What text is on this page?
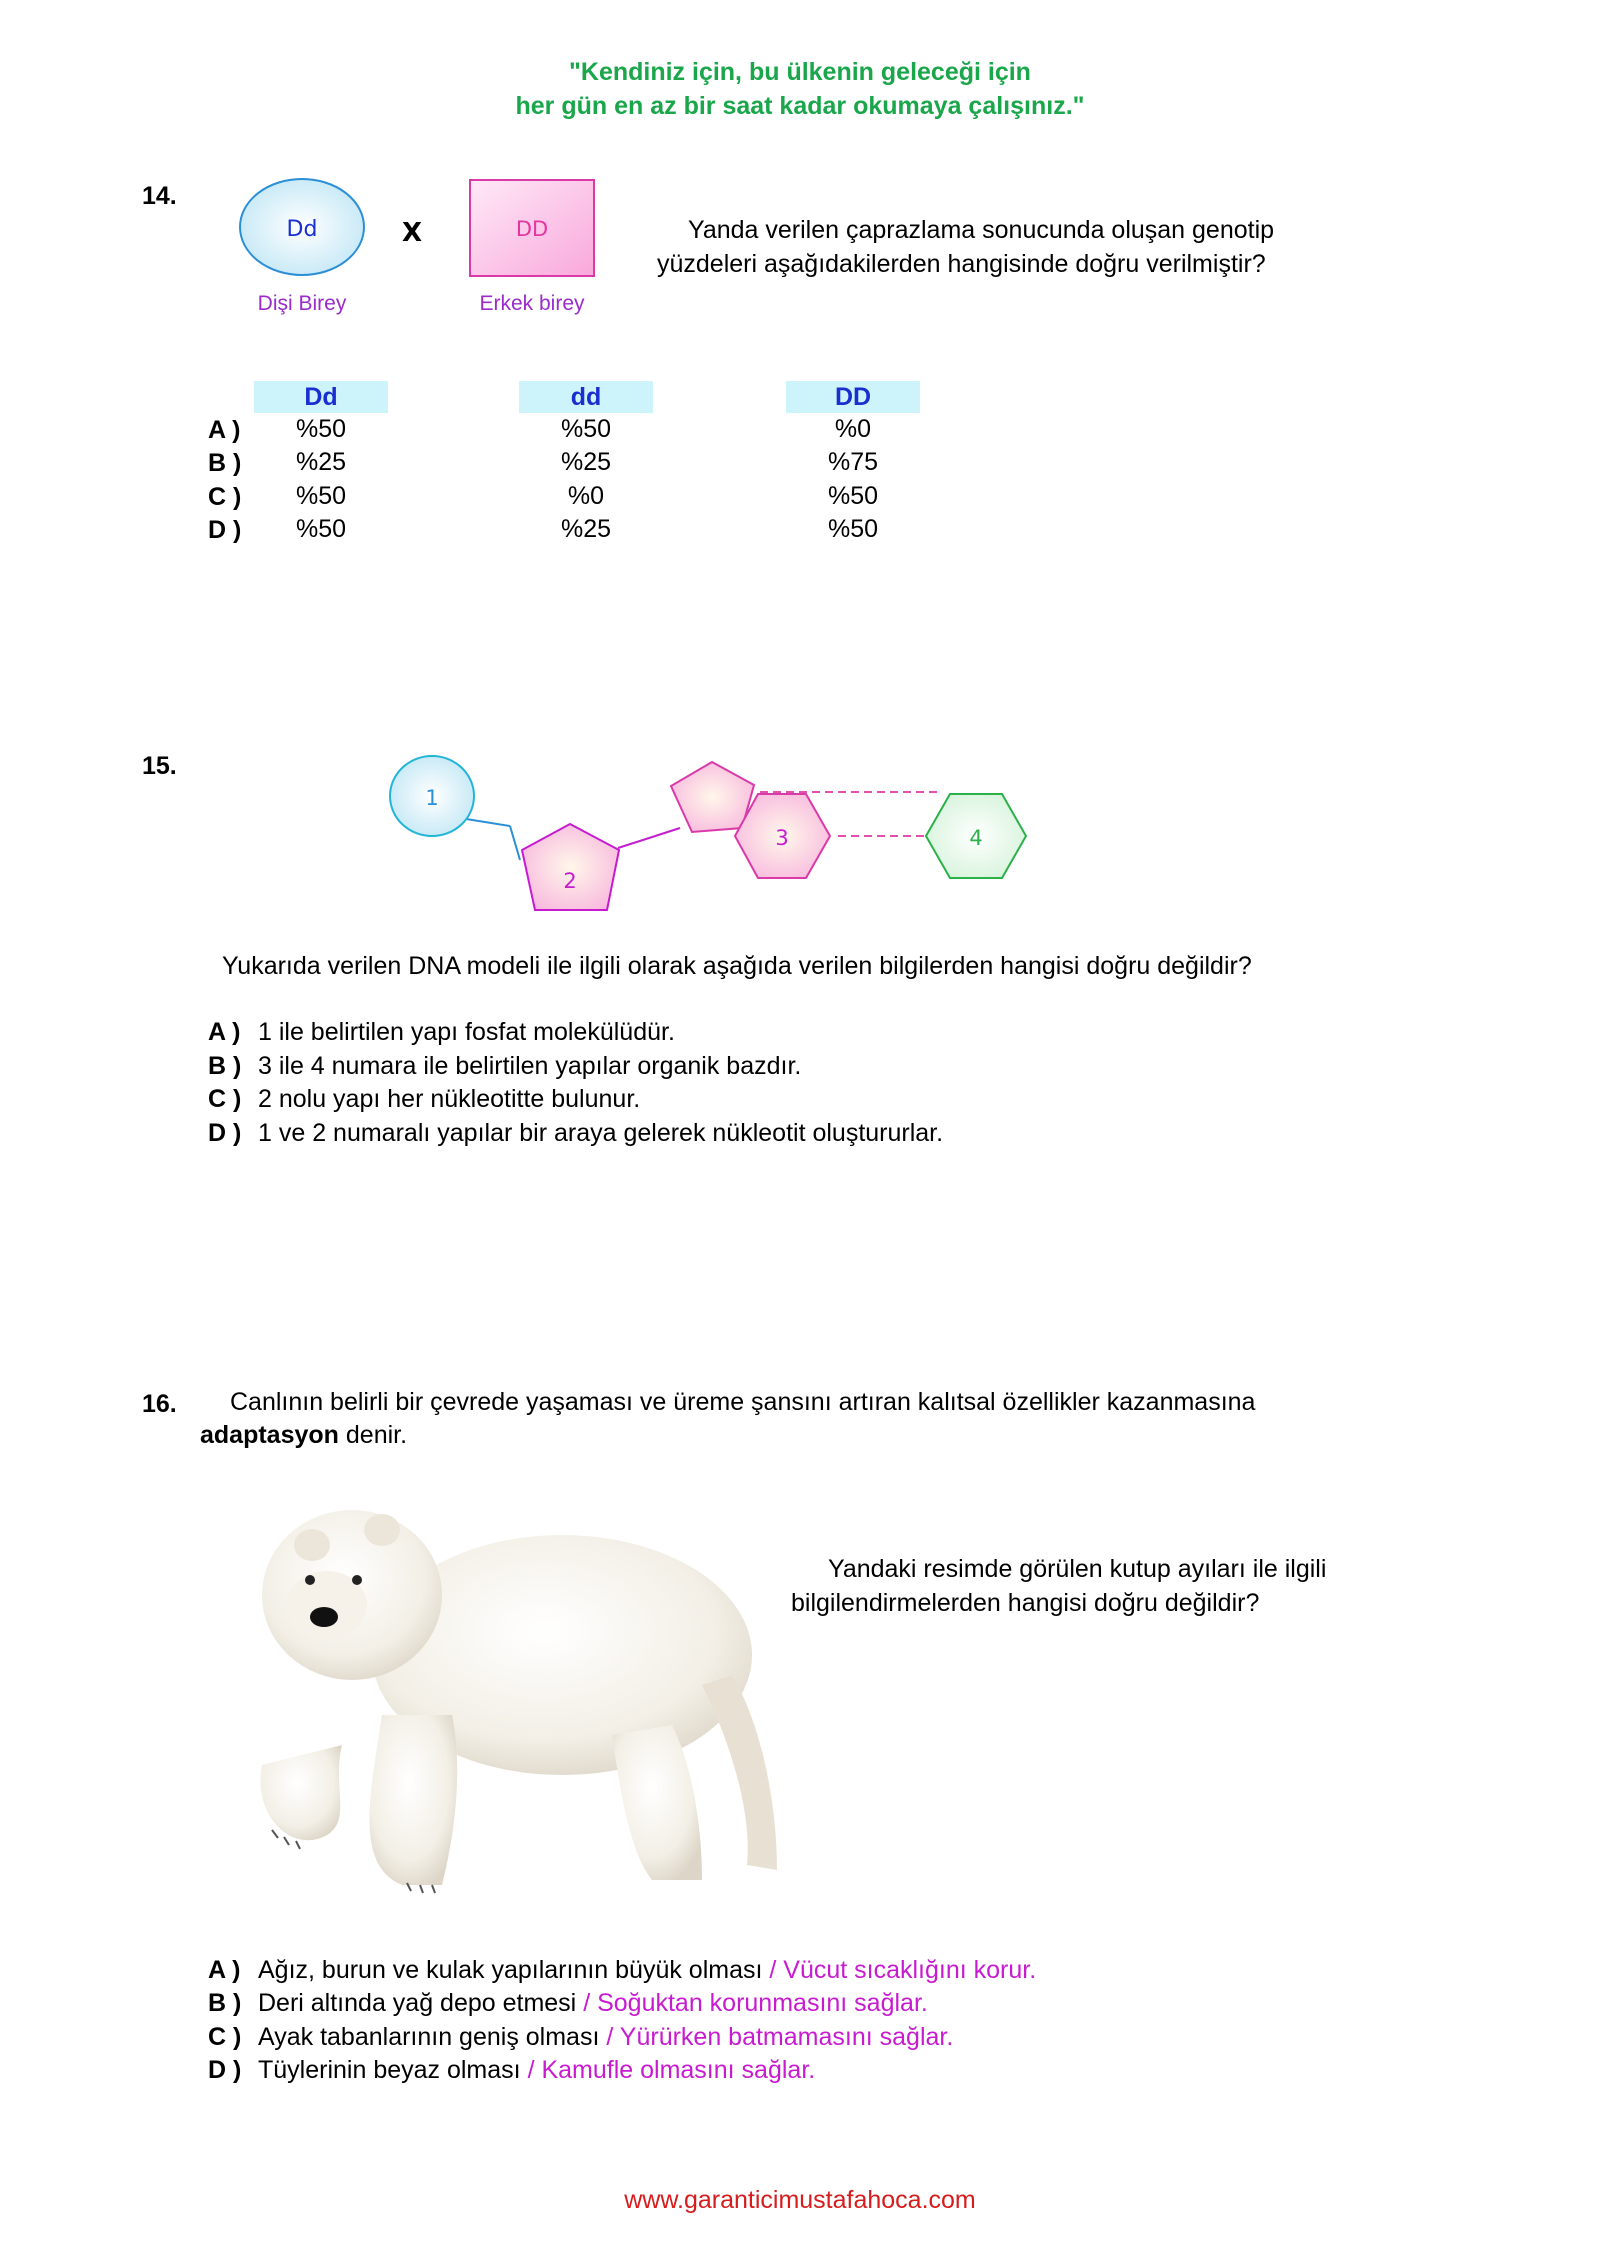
"Kendiniz için, bu ülkenin geleceği için
her gün en az bir saat kadar okumaya çalışınız."
14.
Dd	X	DD
Dişi Birey	Erkek birey
Yanda verilen çaprazlama sonucunda oluşan genotip
yüzdeleri aşağıdakilerden hangisinde doğru verilmiştir?
Dd	dd	DD
A )	%50	%50	%0
B )	%25	%25	%75
C )	%50	%0	%50
D )	%50	%25	%50
15.
1
2
3	4
Yukarıda verilen DNA modeli ile ilgili olarak aşağıda verilen bilgilerden hangisi doğru değildir?
A ) 1 ile belirtilen yapı fosfat molekülüdür.
B ) 3 ile 4 numara ile belirtilen yapılar organik bazdır.
C ) 2 nolu yapı her nükleotitte bulunur.
D ) 1 ve 2 numaralı yapılar bir araya gelerek nükleotit oluştururlar.
16. Canlının belirli bir çevrede yaşaması ve üreme şansını artıran kalıtsal özellikler kazanmasına
adaptasyon denir.
Yandaki resimde görülen kutup ayıları ile ilgili
bilgilendirmelerden hangisi doğru değildir?
A ) Ağız, burun ve kulak yapılarının büyük olması / Vücut sıcaklığını korur.
B ) Deri altında yağ depo etmesi / Soğuktan korunmasını sağlar.
C ) Ayak tabanlarının geniş olması / Yürürken batmamasını sağlar.
D ) Tüylerinin beyaz olması / Kamufle olmasını sağlar.
www.garanticimustafahoca.com
